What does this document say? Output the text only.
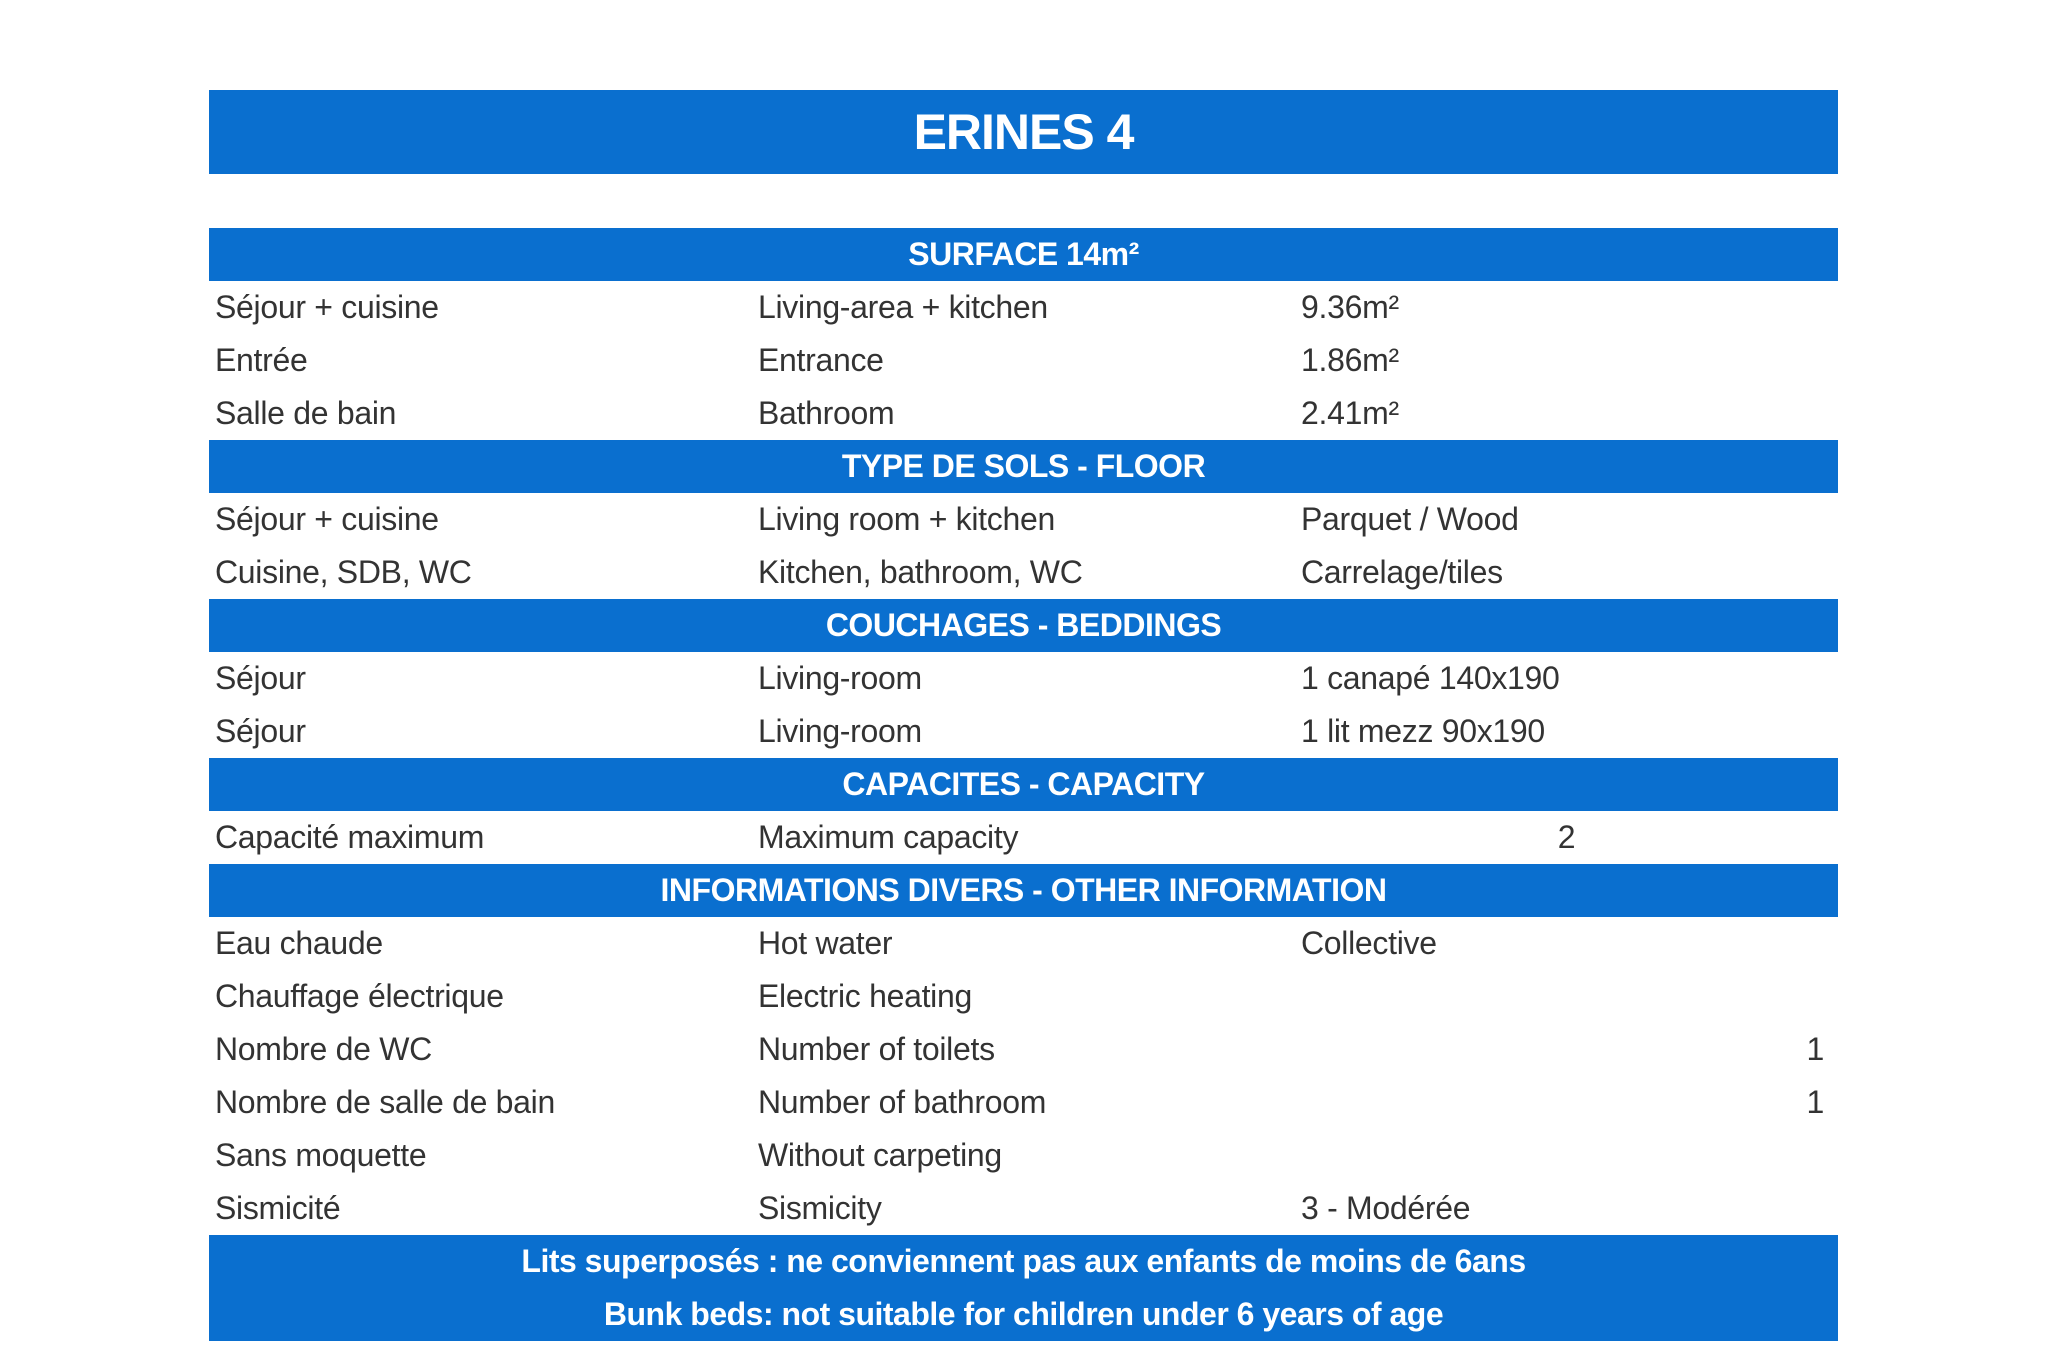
ERINES 4
SURFACE 14m²
Séjour + cuisine	Living-area + kitchen	9.36m²
Entrée	Entrance	1.86m²
Salle de bain	Bathroom	2.41m²
TYPE DE SOLS - FLOOR
Séjour + cuisine	Living room + kitchen	Parquet / Wood
Cuisine, SDB, WC	Kitchen, bathroom, WC	Carrelage/tiles
COUCHAGES - BEDDINGS
Séjour	Living-room	1 canapé 140x190
Séjour	Living-room	1 lit mezz 90x190
CAPACITES - CAPACITY
Capacité maximum	Maximum capacity	2
INFORMATIONS DIVERS - OTHER INFORMATION
Eau chaude	Hot water	Collective
Chauffage électrique	Electric heating
Nombre de WC	Number of toilets	1
Nombre de salle de bain	Number of bathroom	1
Sans moquette	Without carpeting
Sismicité	Sismicity	3 - Modérée
Lits superposés : ne conviennent pas aux enfants de moins de 6ans
Bunk beds: not suitable for children under 6 years of age
